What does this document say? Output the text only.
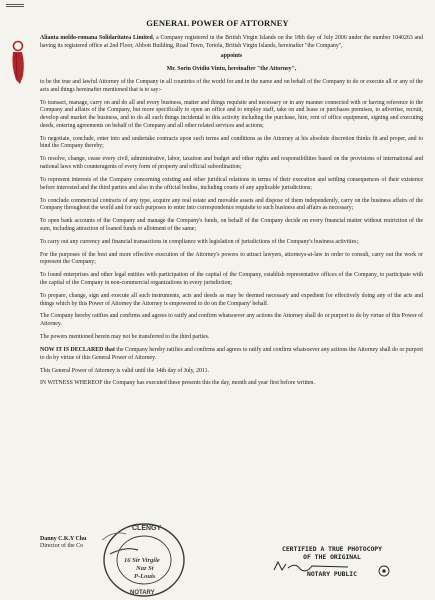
GENERAL POWER OF ATTORNEY

Alianta moldo-romana Solidaritatea Limited, a Company registered in the British Virgin Islands on the 18th day of July 2006 under the number 1040263 and having its registered office at 2nd Floor, Abbott Building, Road Town, Tortola, British Virgin Islands, hereinafter "the Company",

appoints

Mr. Sorin Ovidiu Vintu, hereinafter "the Attorney",

to be the true and lawful Attorney of the Company in all countries of the world for and in the name and on behalf of the Company to do or execute all or any of the acts and things hereinafter mentioned that is to say:-

To transact, manage, carry on and do all and every business, matter and things requisite and necessary or in any manner connected with or having reference to the Company and affairs of the Company, but more specifically to open an office and to employ staff, take on and lease or purchases premises, to advertise, recruit, develop and market the business, and to do all such things incidental to this activity including the purchase, hire, rent of office equipment, signing and executing deeds, entering agreements on behalf of the Company and all other related services and actions;

To negotiate, conclude, enter into and undertake contracts upon such terms and conditions as the Attorney at his absolute discretion thinks fit and proper, and to bind the Company thereby;

To resolve, change, cease every civil, administrative, labor, taxation and budget and other rights and responsibilities based on the provisions of international and national laws with counteragents of every form of property and official subordination;

To represent interests of the Company concerning existing and other juridical relations in terms of their execution and settling consequences of their existence before interested and the third parties and also in the official bodies, including courts of any applicable jurisdictions;

To conclude commercial contracts of any type, acquire any real estate and movable assets and dispose of them independently, carry on the business affairs of the Company throughout the world and for such purposes to enter into correspondence requisite to such business and affairs as necessary;

To open bank accounts of the Company and manage the Company's funds, on behalf of the Company decide on every financial matter without restriction of the sum, including attraction of loaned funds or allotment of the same;

To carry out any currency and financial transactions in compliance with legislation of jurisdictions of the Company's business activities;

For the purposes of the best and more effective execution of the Attorney's powers to attract lawyers, attorneys-at-law in order to consult, carry out the work or represent the Company;

To found enterprises and other legal entities with participation of the capital of the Company, establish representative offices of the Company, to participate with the capital of the Company in non-commercial organizations in every jurisdiction;

To prepare, change, sign and execute all such instruments, acts and deeds as may be deemed necessary and expedient for effectively doing any of the acts and things which by this Power of Attorney the Attorney is empowered to do on the Company' behalf.

The Company hereby ratifies and confirms and agrees to ratify and confirm whatsoever any actions the Attorney shall do or purport to do by virtue of this Power of Attorney.

The powers mentioned herein may not be transferred to the third parties.

NOW IT IS DECLARED that the Company hereby ratifies and confirms and agrees to ratify and confirm whatsoever any actions the Attorney shall do or purport to do by virtue of this General Power of Attorney.

This General Power of Attorney is valid until the 14th day of July, 2011.

IN WITNESS WHEREOF the Company has executed these presents this the day, month and year first before written.

Danny C.K.Y Chu
Director of the Co
CLENGY
16 Sir Virgile
Naz St
P-Louis
NOTARY
CERTIFIED A TRUE PHOTOCOPY
OF THE ORIGINAL
NOTARY PUBLIC
